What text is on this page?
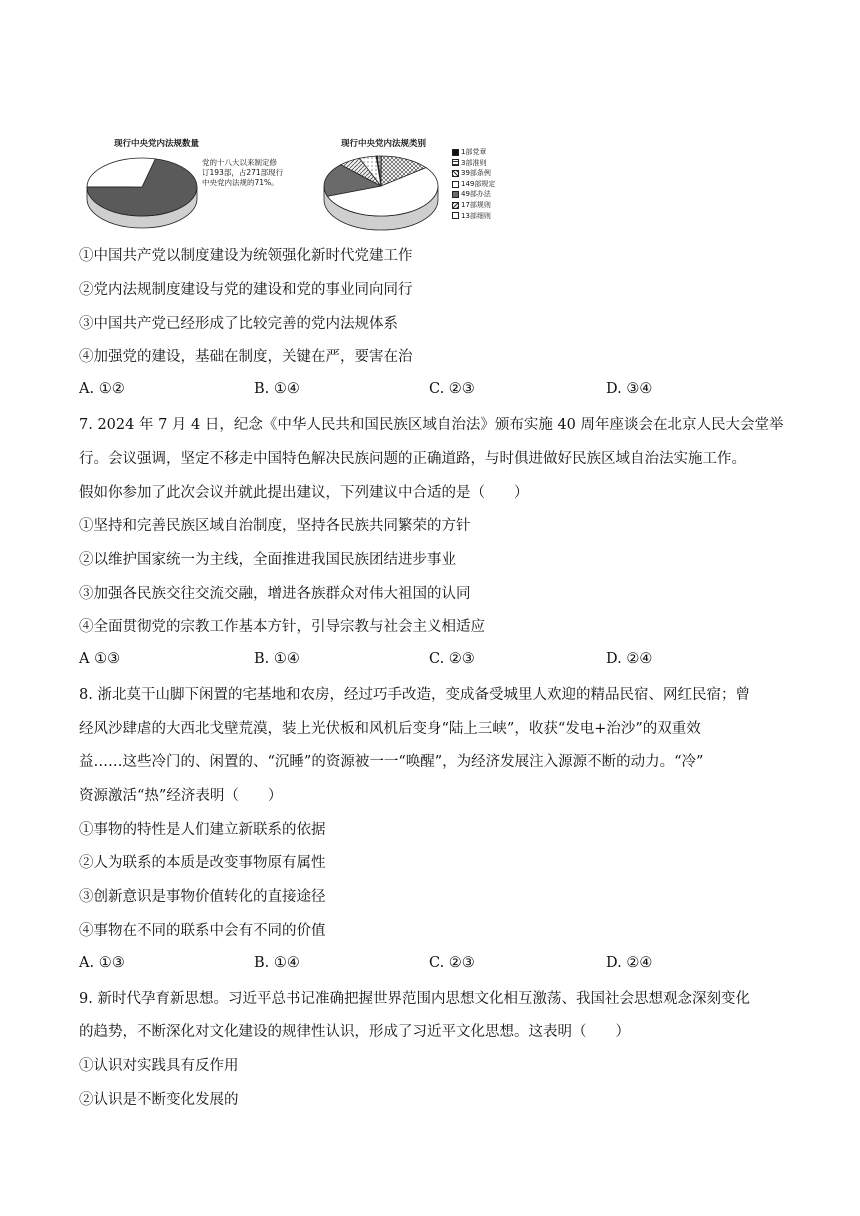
现行中央党内法规数量
党的十八大以来制定修订193部，占271部现行中央党内法规的71%。
现行中央党内法规类别
1部党章
3部准则
39部条例
149部规定
49部办法
17部规则
13部细则
①中国共产党以制度建设为统领强化新时代党建工作
②党内法规制度建设与党的建设和党的事业同向同行
③中国共产党已经形成了比较完善的党内法规体系
④加强党的建设，基础在制度，关键在严，要害在治
A. ①②	B. ①④	C. ②③	D. ③④
7. 2024 年 7 月 4 日，纪念《中华人民共和国民族区域自治法》颁布实施 40 周年座谈会在北京人民大会堂举
行。会议强调，坚定不移走中国特色解决民族问题的正确道路，与时俱进做好民族区域自治法实施工作。
假如你参加了此次会议并就此提出建议，下列建议中合适的是（　　）
①坚持和完善民族区域自治制度，坚持各民族共同繁荣的方针
②以维护国家统一为主线，全面推进我国民族团结进步事业
③加强各民族交往交流交融，增进各族群众对伟大祖国的认同
④全面贯彻党的宗教工作基本方针，引导宗教与社会主义相适应
A ①③	B. ①④	C. ②③	D. ②④
8. 浙北莫干山脚下闲置的宅基地和农房，经过巧手改造，变成备受城里人欢迎的精品民宿、网红民宿；曾
经风沙肆虐的大西北戈壁荒漠，装上光伏板和风机后变身“陆上三峡”，收获“发电+治沙”的双重效
益……这些冷门的、闲置的、“沉睡”的资源被一一“唤醒”，为经济发展注入源源不断的动力。“冷”
资源激活“热”经济表明（　　）
①事物的特性是人们建立新联系的依据
②人为联系的本质是改变事物原有属性
③创新意识是事物价值转化的直接途径
④事物在不同的联系中会有不同的价值
A. ①③	B. ①④	C. ②③	D. ②④
9. 新时代孕育新思想。习近平总书记准确把握世界范围内思想文化相互激荡、我国社会思想观念深刻变化
的趋势，不断深化对文化建设的规律性认识，形成了习近平文化思想。这表明（　　）
①认识对实践具有反作用
②认识是不断变化发展的
